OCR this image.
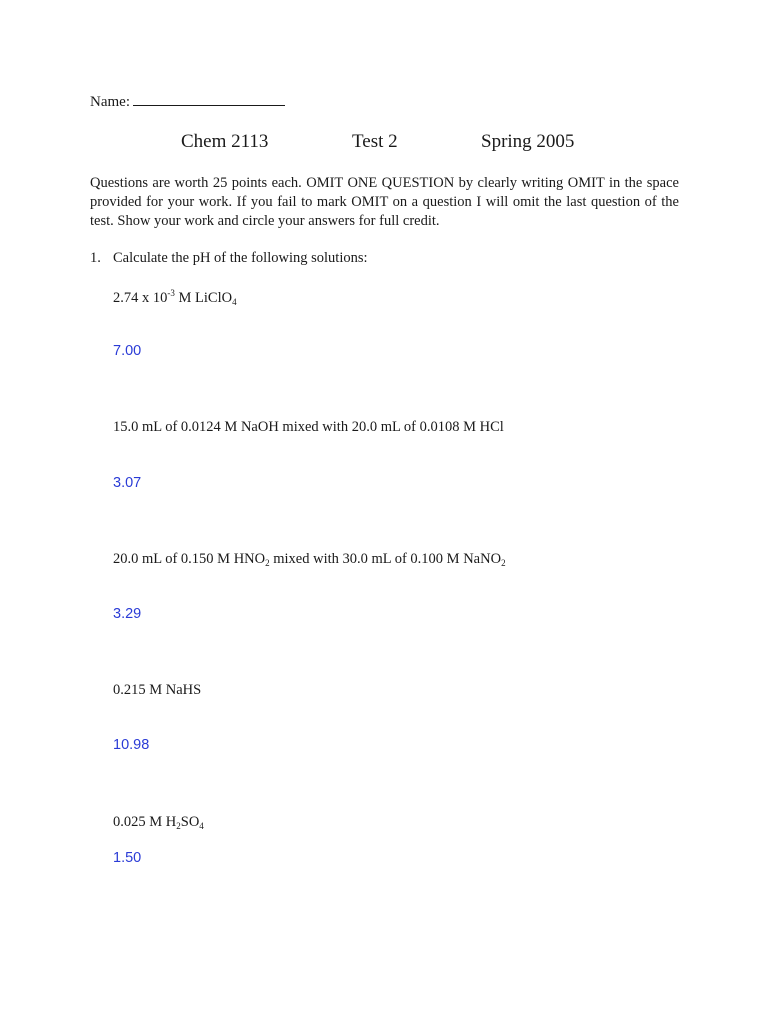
Name:
Chem 2113	Test 2	Spring 2005
Questions are worth 25 points each. OMIT ONE QUESTION by clearly writing OMIT in the space provided for your work. If you fail to mark OMIT on a question I will omit the last question of the test. Show your work and circle your answers for full credit.
1. Calculate the pH of the following solutions:
2.74 x $10^{-3}$ M LiClO$_4$
7.00
15.0 mL of 0.0124 M NaOH mixed with 20.0 mL of 0.0108 M HCl
3.07
20.0 mL of 0.150 M $HNO_2$ mixed with 30.0 mL of 0.100 M NaNO$_2$
3.29
0.215 M NaHS
10.98
0.025 M $H_2SO_4$
1.50
